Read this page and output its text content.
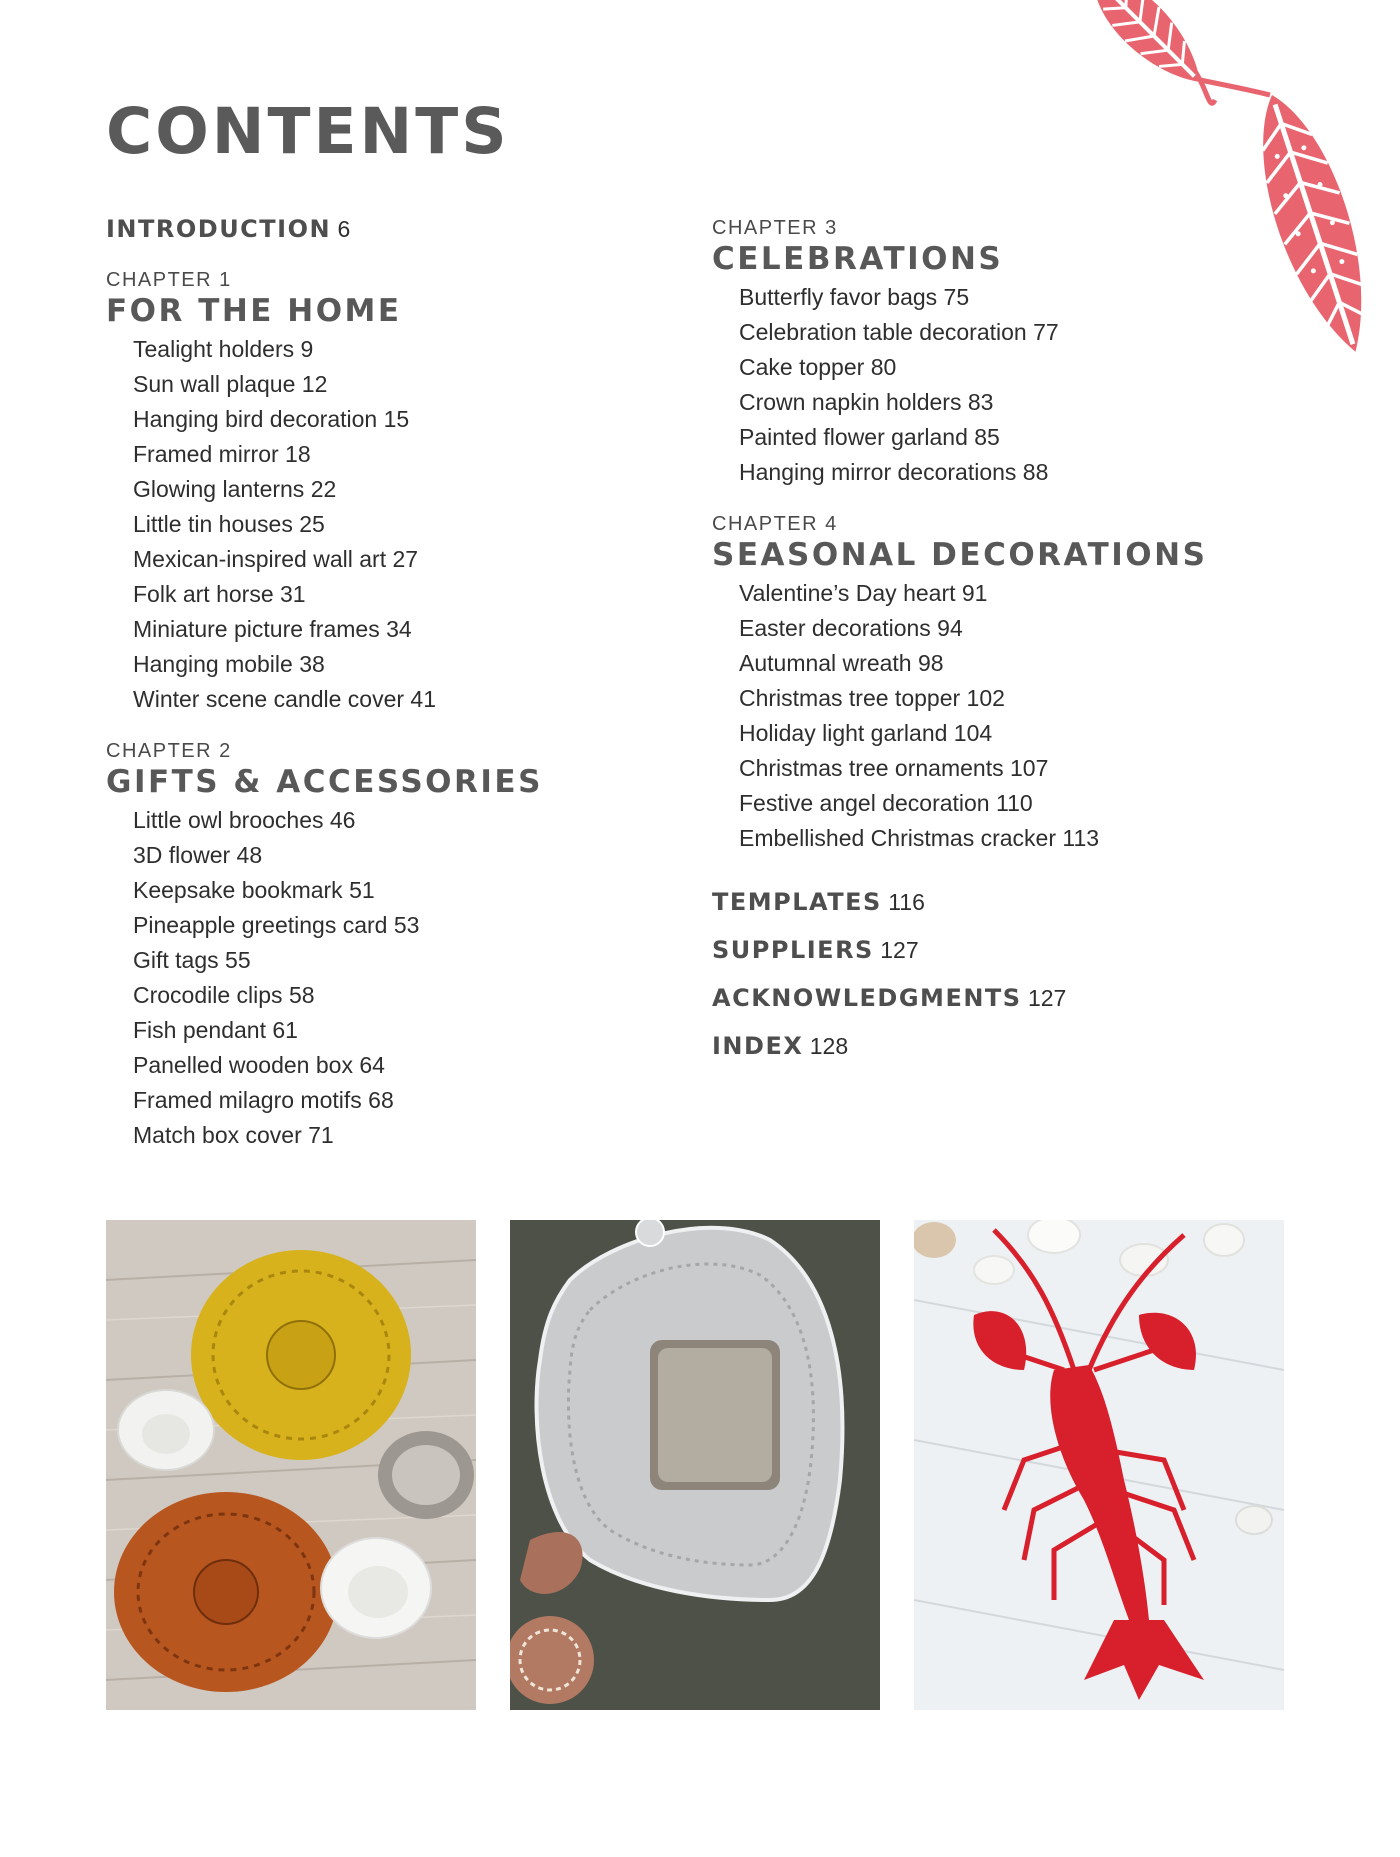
CONTENTS
INTRODUCTION 6
CHAPTER 1
FOR THE HOME
Tealight holders 9
Sun wall plaque 12
Hanging bird decoration 15
Framed mirror 18
Glowing lanterns 22
Little tin houses 25
Mexican-inspired wall art 27
Folk art horse 31
Miniature picture frames 34
Hanging mobile 38
Winter scene candle cover 41
CHAPTER 2
GIFTS & ACCESSORIES
Little owl brooches 46
3D flower 48
Keepsake bookmark 51
Pineapple greetings card 53
Gift tags 55
Crocodile clips 58
Fish pendant 61
Panelled wooden box 64
Framed milagro motifs 68
Match box cover 71
CHAPTER 3
CELEBRATIONS
Butterfly favor bags 75
Celebration table decoration 77
Cake topper 80
Crown napkin holders 83
Painted flower garland 85
Hanging mirror decorations 88
CHAPTER 4
SEASONAL DECORATIONS
Valentine’s Day heart 91
Easter decorations 94
Autumnal wreath 98
Christmas tree topper 102
Holiday light garland 104
Christmas tree ornaments 107
Festive angel decoration 110
Embellished Christmas cracker 113
TEMPLATES 116
SUPPLIERS 127
ACKNOWLEDGMENTS 127
INDEX 128
